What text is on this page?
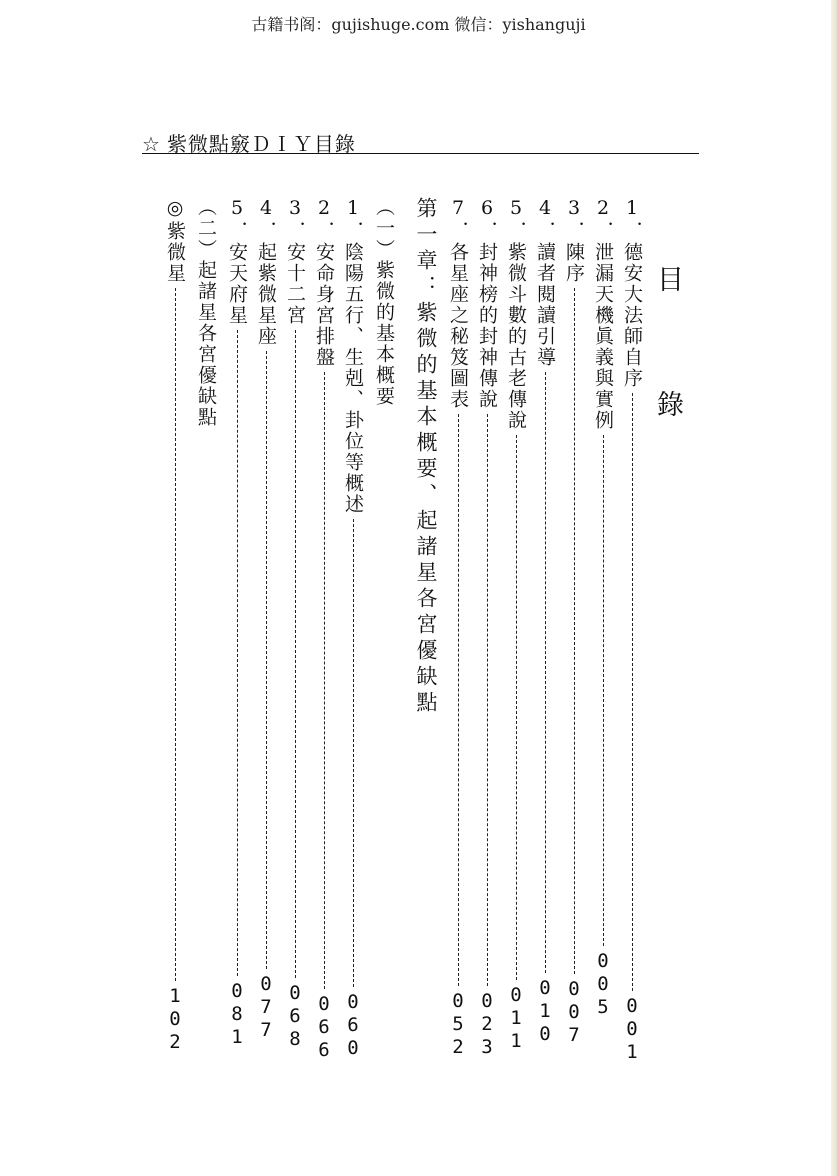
古籍书阁：gujishuge.com 微信：yishanguji
☆ 紫微點竅ＤＩＹ目錄
目
錄
1．德安大法師自序
0
0
1
2．泄漏天機眞義與實例
0
0
5
3．陳序
0
0
7
4．讀者閱讀引導
0
1
0
5．紫微斗數的古老傳說
0
1
1
6．封神榜的封神傳說
0
2
3
7．各星座之秘笈圖表
0
5
2
第一章：紫微的基本概要、起諸星各宮優缺點
（一）紫微的基本概要
1．陰陽五行、生剋、卦位等概述
0
6
0
2．安命身宮排盤
0
6
6
3．安十二宮
0
6
8
4．起紫微星座
0
7
7
5．安天府星
0
8
1
（二）起諸星各宮優缺點
◎紫微星
1
0
2
